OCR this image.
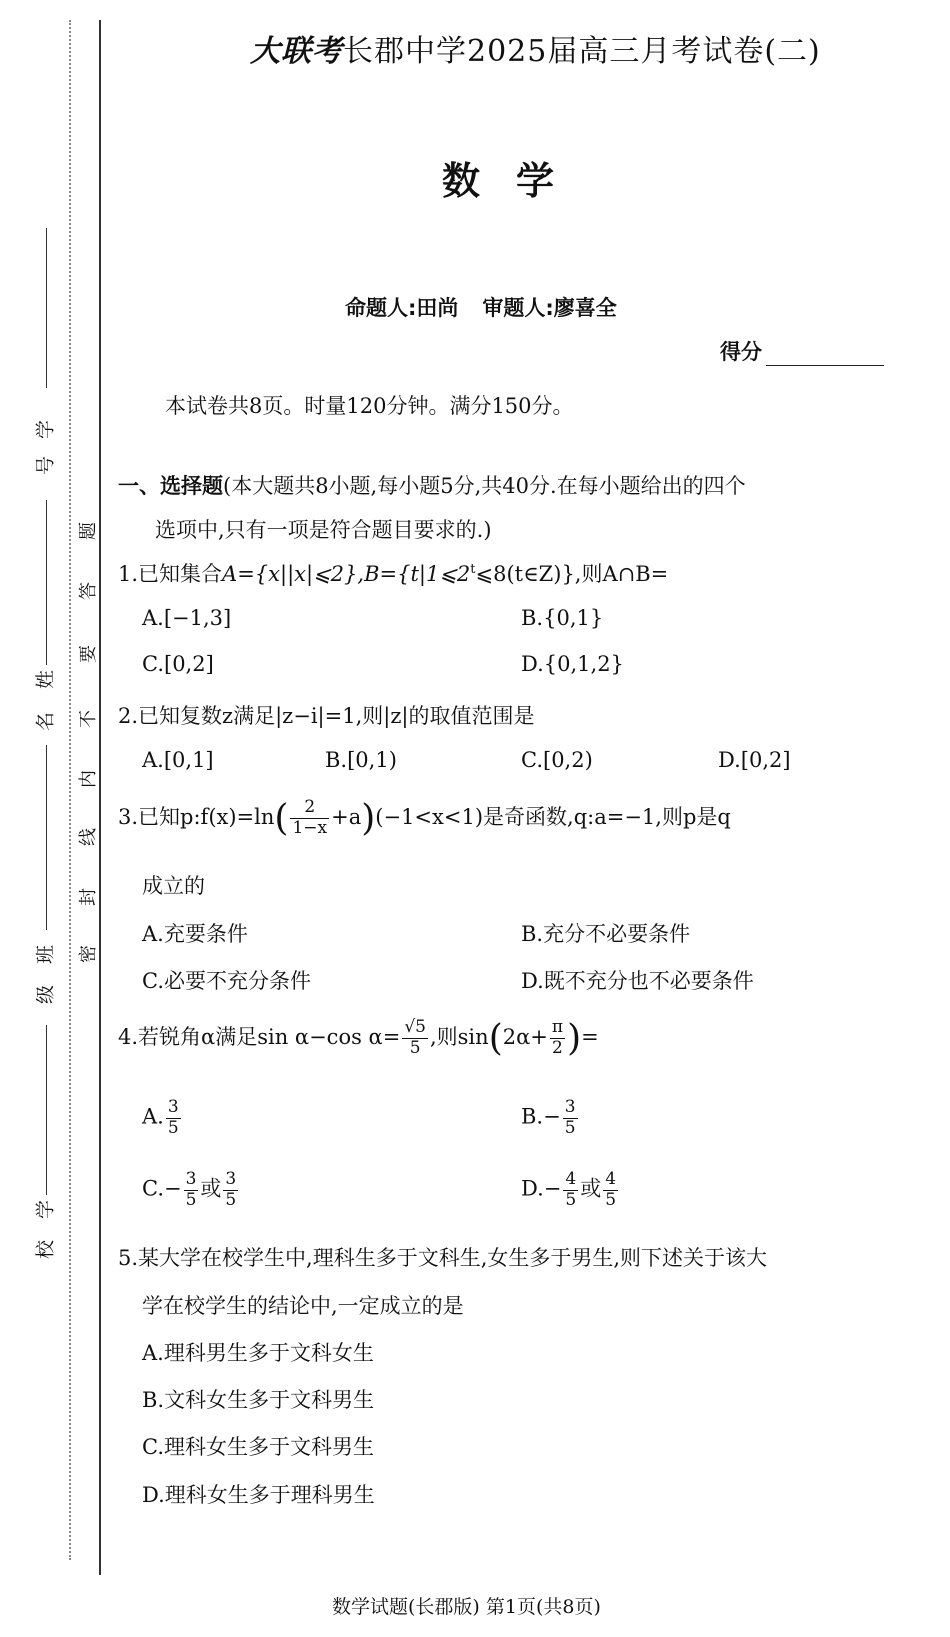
学
号
姓
名
班
级
学
校
密
封
线
内
不
要
答
题
大联考长郡中学2025届高三月考试卷(二)
数学
命题人:田尚 审题人:廖喜全
得分
本试卷共8页。时量120分钟。满分150分。
一、选择题(本大题共8小题,每小题5分,共40分.在每小题给出的四个
选项中,只有一项是符合题目要求的.)
1.已知集合$A=\{x||x|⩽2\},B=\{t|1⩽2^t⩽8(t\in Z)\}$,则A∩B=
A.[−1,3]	B.{0,1}
C.[0,2]	D.{0,1,2}
2.已知复数z满足|z−i|=1,则|z|的取值范围是
A.[0,1]	B.[0,1)	C.[0,2)	D.[0,2]
3.已知p:f(x)=ln( $\frac{2}{1-x} +a)(-1<x<1)$是奇函数,q:a=−1,则p是q
成立的
A.充要条件	B.充分不必要条件
C.必要不充分条件	D.既不充分也不必要条件
4.若锐角α满足sin α−cos $\alpha= \frac{√5}{5}$ ,则$\sin(2\alpha+ \frac{\pi}{2}$ )=
A. $\frac{3}{5}$	$B.- \frac{3}{5}$
$C.- \frac{3}{5}$ 或 $\frac{3}{5}$	$D.- \frac{4}{5}$ 或 $\frac{4}{5}$
5.某大学在校学生中,理科生多于文科生,女生多于男生,则下述关于该大
学在校学生的结论中,一定成立的是
A.理科男生多于文科女生
B.文科女生多于文科男生
C.理科女生多于文科男生
D.理科女生多于理科男生
数学试题(长郡版) 第1页(共8页)
